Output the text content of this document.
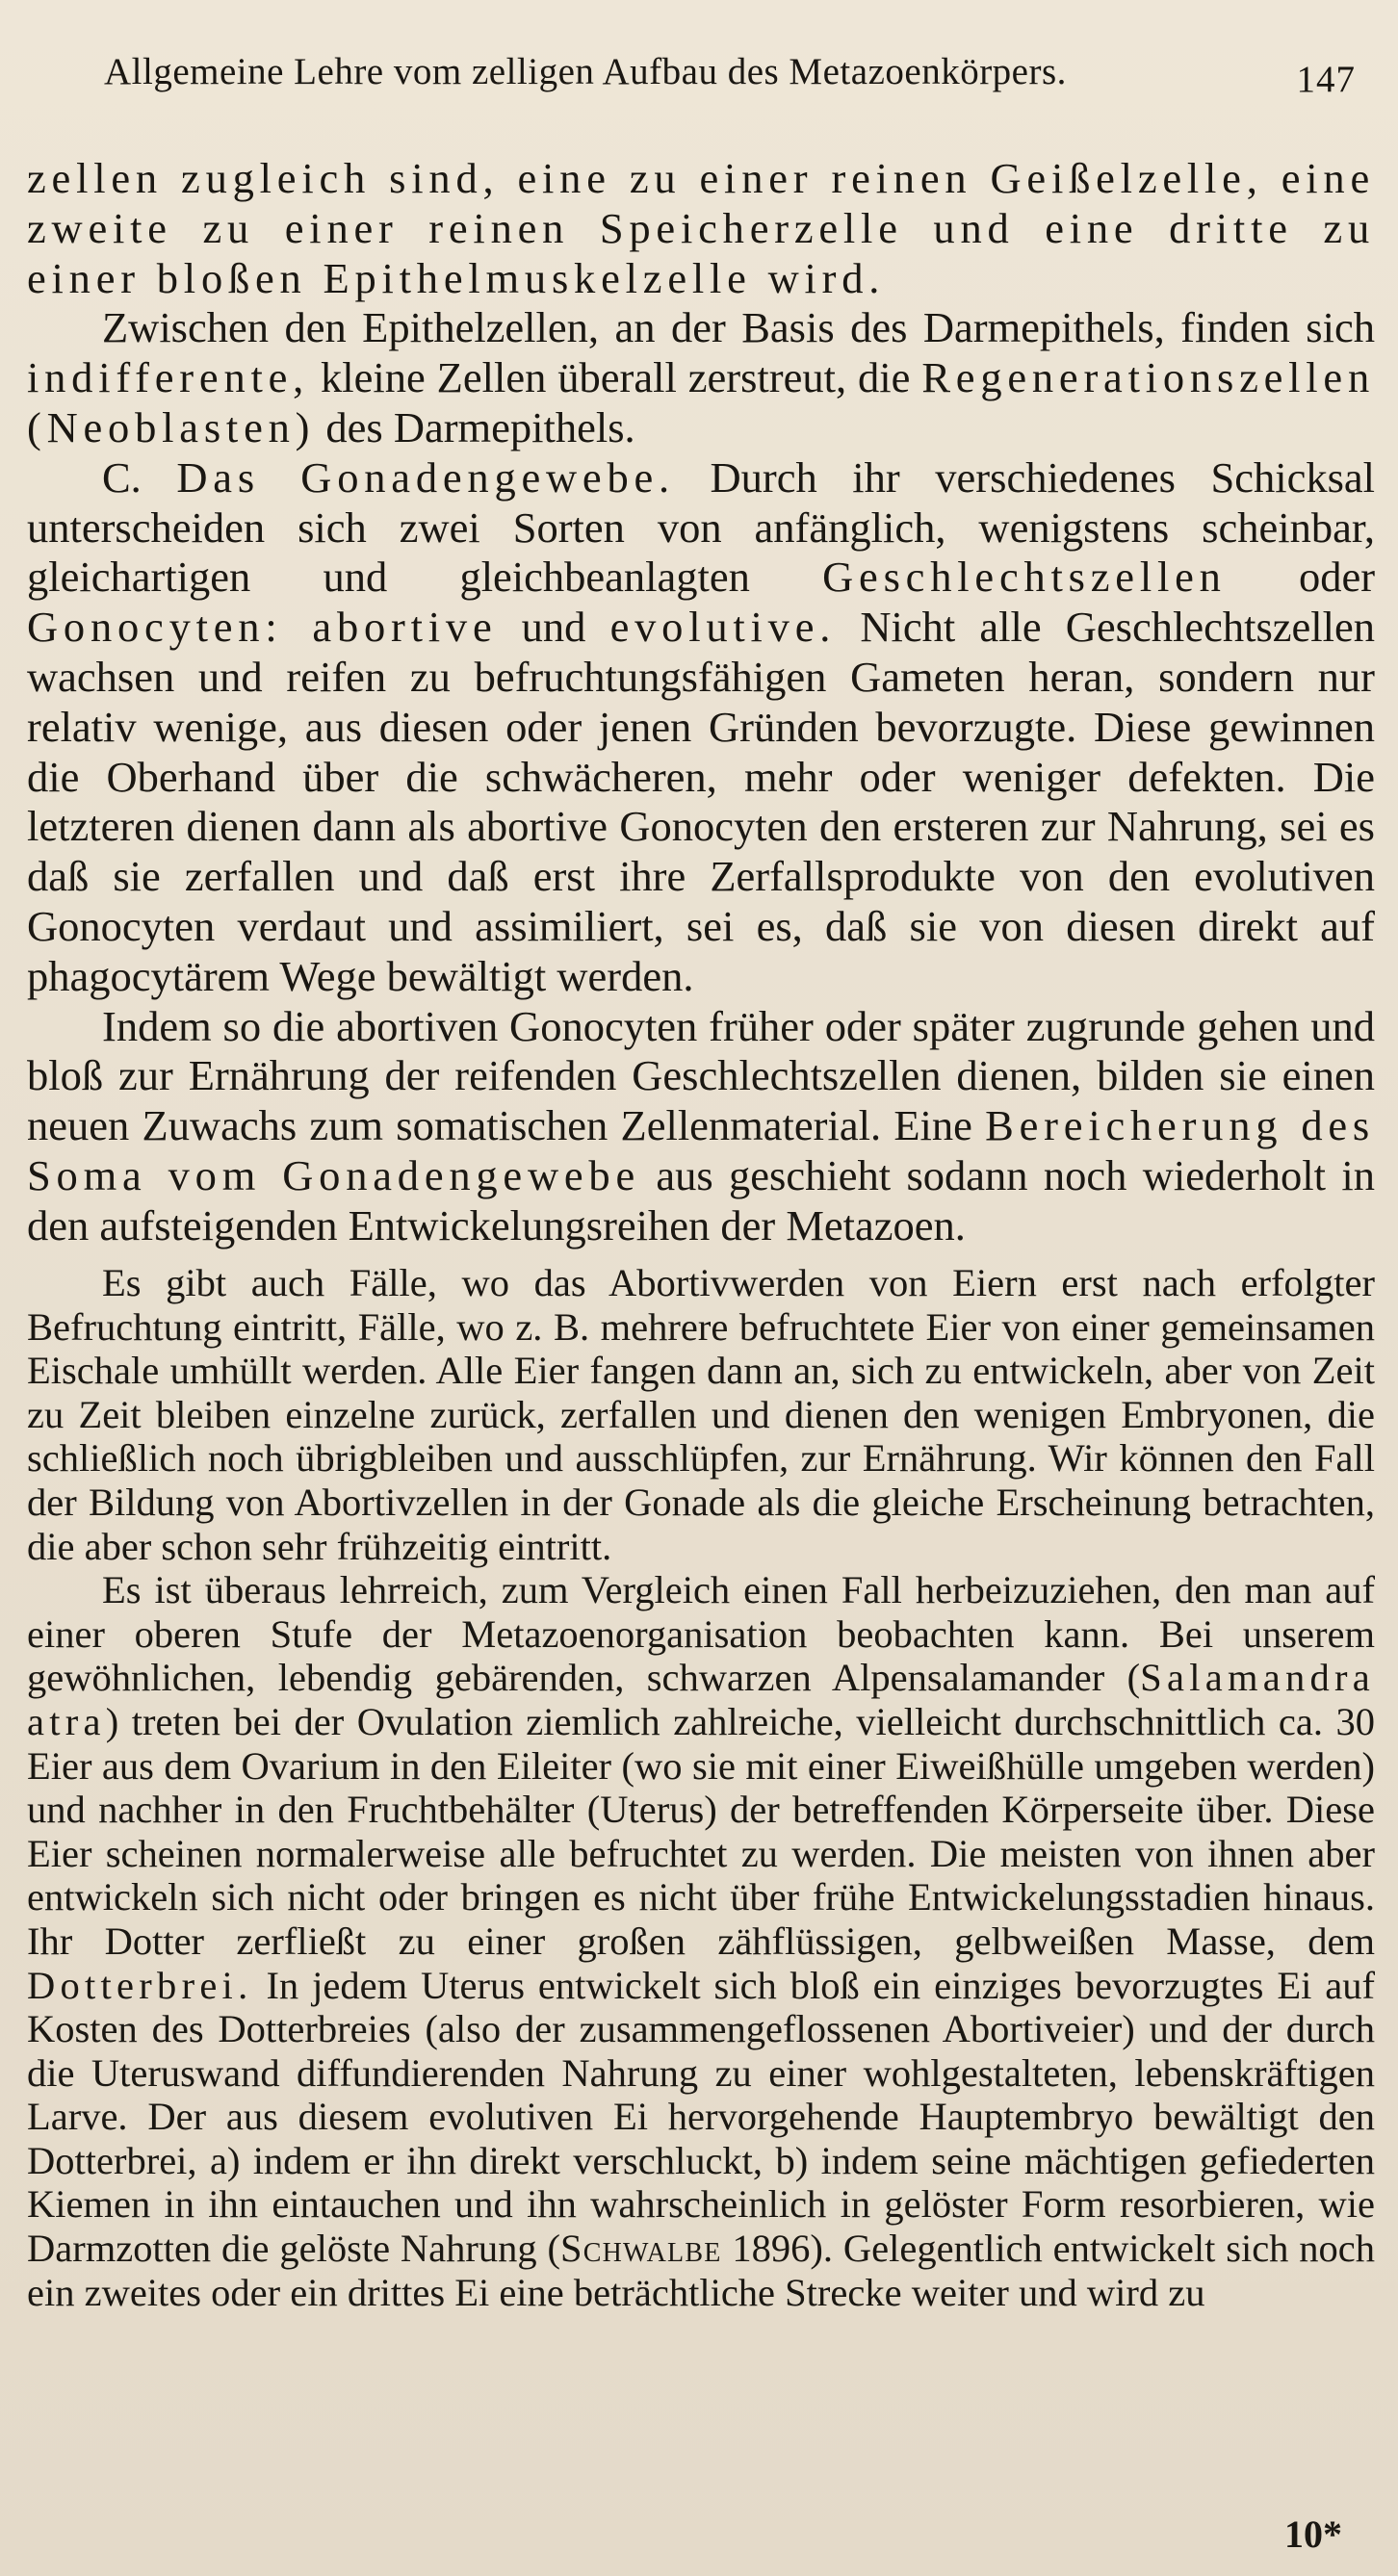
Allgemeine Lehre vom zelligen Aufbau des Metazoenkörpers.	147

zellen zugleich sind, eine zu einer reinen Geißelzelle, eine zweite zu einer reinen Speicherzelle und eine dritte zu einer bloßen Epithelmuskelzelle wird.

Zwischen den Epithelzellen, an der Basis des Darmepithels, finden sich indifferente, kleine Zellen überall zerstreut, die Regenerationszellen (Neoblasten) des Darmepithels.

C. Das Gonadengewebe. Durch ihr verschiedenes Schicksal unterscheiden sich zwei Sorten von anfänglich, wenigstens scheinbar, gleichartigen und gleichbeanlagten Geschlechtszellen oder Gonocyten: abortive und evolutive. Nicht alle Geschlechtszellen wachsen und reifen zu befruchtungsfähigen Gameten heran, sondern nur relativ wenige, aus diesen oder jenen Gründen bevorzugte. Diese gewinnen die Oberhand über die schwächeren, mehr oder weniger defekten. Die letzteren dienen dann als abortive Gonocyten den ersteren zur Nahrung, sei es daß sie zerfallen und daß erst ihre Zerfallsprodukte von den evolutiven Gonocyten verdaut und assimiliert, sei es, daß sie von diesen direkt auf phagocytärem Wege bewältigt werden.

Indem so die abortiven Gonocyten früher oder später zugrunde gehen und bloß zur Ernährung der reifenden Geschlechtszellen dienen, bilden sie einen neuen Zuwachs zum somatischen Zellenmaterial. Eine Bereicherung des Soma vom Gonadengewebe aus geschieht sodann noch wiederholt in den aufsteigenden Entwickelungsreihen der Metazoen.

Es gibt auch Fälle, wo das Abortivwerden von Eiern erst nach erfolgter Befruchtung eintritt, Fälle, wo z. B. mehrere befruchtete Eier von einer gemeinsamen Eischale umhüllt werden. Alle Eier fangen dann an, sich zu entwickeln, aber von Zeit zu Zeit bleiben einzelne zurück, zerfallen und dienen den wenigen Embryonen, die schließlich noch übrigbleiben und ausschlüpfen, zur Ernährung. Wir können den Fall der Bildung von Abortivzellen in der Gonade als die gleiche Erscheinung betrachten, die aber schon sehr frühzeitig eintritt.

Es ist überaus lehrreich, zum Vergleich einen Fall herbeizuziehen, den man auf einer oberen Stufe der Metazoenorganisation beobachten kann. Bei unserem gewöhnlichen, lebendig gebärenden, schwarzen Alpensalamander (Salamandra atra) treten bei der Ovulation ziemlich zahlreiche, vielleicht durchschnittlich ca. 30 Eier aus dem Ovarium in den Eileiter (wo sie mit einer Eiweißhülle umgeben werden) und nachher in den Fruchtbehälter (Uterus) der betreffenden Körperseite über. Diese Eier scheinen normalerweise alle befruchtet zu werden. Die meisten von ihnen aber entwickeln sich nicht oder bringen es nicht über frühe Entwickelungsstadien hinaus. Ihr Dotter zerfließt zu einer großen zähflüssigen, gelbweißen Masse, dem Dotterbrei. In jedem Uterus entwickelt sich bloß ein einziges bevorzugtes Ei auf Kosten des Dotterbreies (also der zusammengeflossenen Abortiveier) und der durch die Uteruswand diffundierenden Nahrung zu einer wohlgestalteten, lebenskräftigen Larve. Der aus diesem evolutiven Ei hervorgehende Hauptembryo bewältigt den Dotterbrei, a) indem er ihn direkt verschluckt, b) indem seine mächtigen gefiederten Kiemen in ihn eintauchen und ihn wahrscheinlich in gelöster Form resorbieren, wie Darmzotten die gelöste Nahrung (Schwalbe 1896). Gelegentlich entwickelt sich noch ein zweites oder ein drittes Ei eine beträchtliche Strecke weiter und wird zu

10*
